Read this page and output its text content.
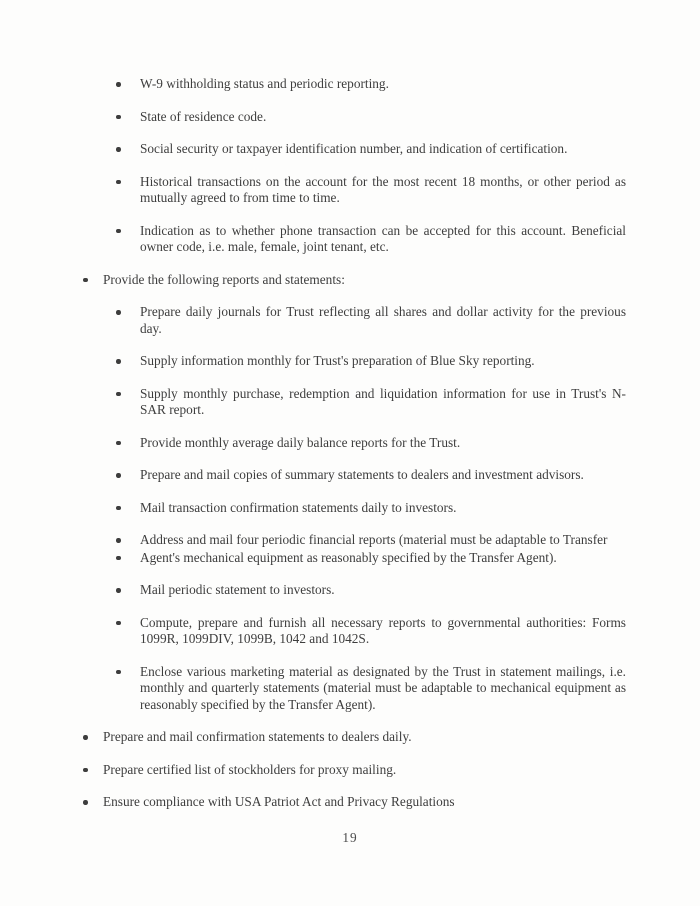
W-9 withholding status and periodic reporting.
State of residence code.
Social security or taxpayer identification number, and indication of certification.
Historical transactions on the account for the most recent 18 months, or other period as mutually agreed to from time to time.
Indication as to whether phone transaction can be accepted for this account. Beneficial owner code, i.e. male, female, joint tenant, etc.
Provide the following reports and statements:
Prepare daily journals for Trust reflecting all shares and dollar activity for the previous day.
Supply information monthly for Trust's preparation of Blue Sky reporting.
Supply monthly purchase, redemption and liquidation information for use in Trust's N-SAR report.
Provide monthly average daily balance reports for the Trust.
Prepare and mail copies of summary statements to dealers and investment advisors.
Mail transaction confirmation statements daily to investors.
Address and mail four periodic financial reports (material must be adaptable to Transfer
Agent's mechanical equipment as reasonably specified by the Transfer Agent).
Mail periodic statement to investors.
Compute, prepare and furnish all necessary reports to governmental authorities: Forms 1099R, 1099DIV, 1099B, 1042 and 1042S.
Enclose various marketing material as designated by the Trust in statement mailings, i.e. monthly and quarterly statements (material must be adaptable to mechanical equipment as reasonably specified by the Transfer Agent).
Prepare and mail confirmation statements to dealers daily.
Prepare certified list of stockholders for proxy mailing.
Ensure compliance with USA Patriot Act and Privacy Regulations
19
